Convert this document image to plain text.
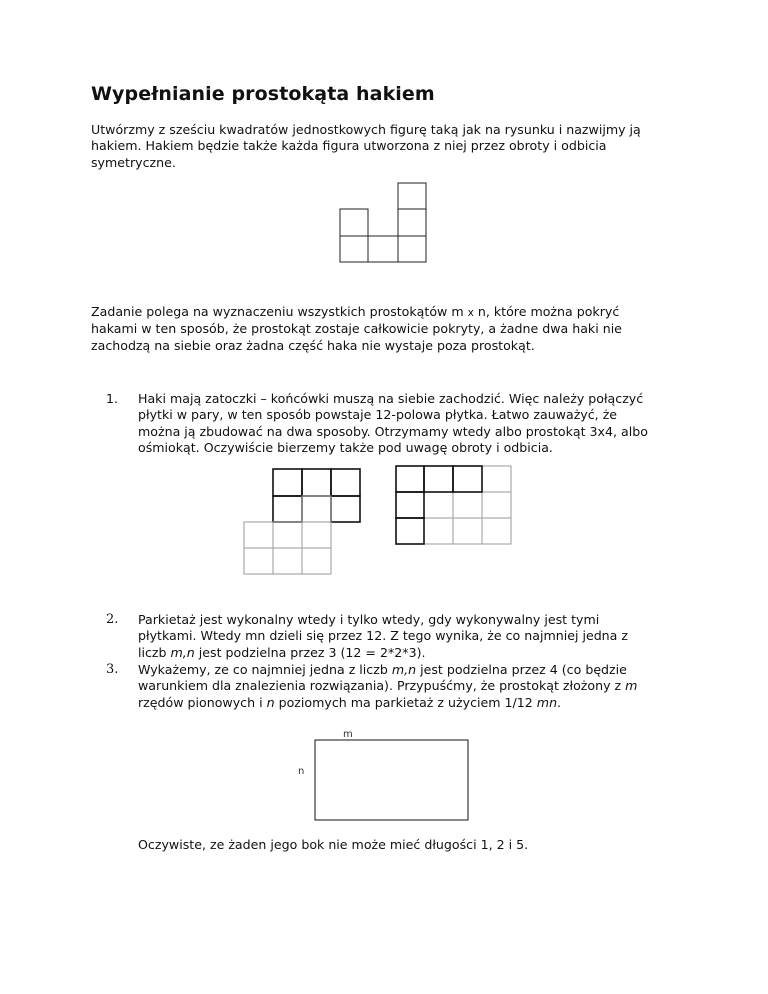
Wypełnianie prostokąta hakiem

Utwórzmy z sześciu kwadratów jednostkowych figurę taką jak na rysunku i nazwijmy ją
hakiem. Hakiem będzie także każda figura utworzona z niej przez obroty i odbicia
symetryczne.

Zadanie polega na wyznaczeniu wszystkich prostokątów m x n, które można pokryć
hakami w ten sposób, że prostokąt zostaje całkowicie pokryty, a żadne dwa haki nie
zachodzą na siebie oraz żadna część haka nie wystaje poza prostokąt.

1.	Haki mają zatoczki – końcówki muszą na siebie zachodzić. Więc należy połączyć
płytki w pary, w ten sposób powstaje 12-polowa płytka. Łatwo zauważyć, że
można ją zbudować na dwa sposoby. Otrzymamy wtedy albo prostokąt 3x4, albo
ośmiokąt. Oczywiście bierzemy także pod uwagę obroty i odbicia.
2.	Parkietaż jest wykonalny wtedy i tylko wtedy, gdy wykonywalny jest tymi
płytkami. Wtedy mn dzieli się przez 12. Z tego wynika, że co najmniej jedna z
liczb m,n jest podzielna przez 3 (12 = 2*2*3).
3.	Wykażemy, ze co najmniej jedna z liczb m,n jest podzielna przez 4 (co będzie
warunkiem dla znalezienia rozwiązania). Przypuśćmy, że prostokąt złożony z m
rzędów pionowych i n poziomych ma parkietaż z użyciem 1/12 mn.
m
n

Oczywiste, ze żaden jego bok nie może mieć długości 1, 2 i 5.
